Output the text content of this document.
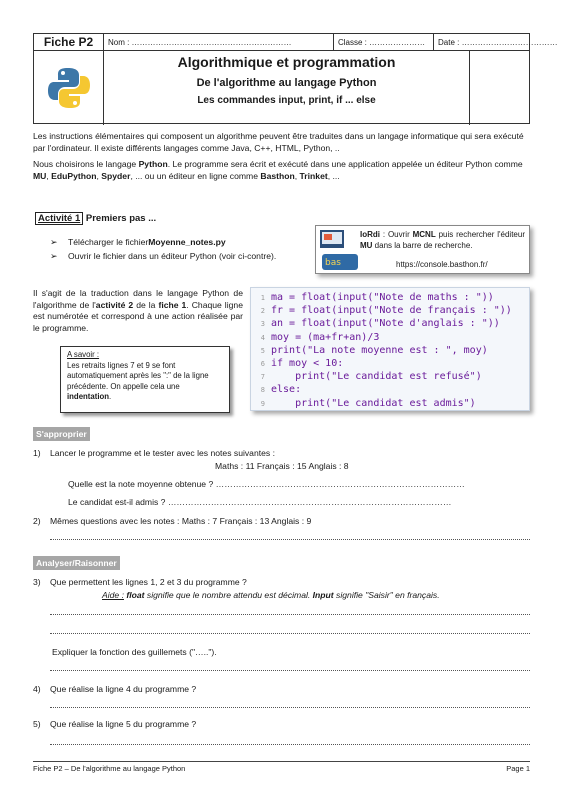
Fiche P2	Nom : ……………………………………………………	Classe : …………………	Date : ………………………………
Algorithmique et programmation
De l'algorithme au langage Python
Les commandes input, print, if ... else
Les instructions élémentaires qui composent un algorithme peuvent être traduites dans un langage informatique qui sera exécuté par l'ordinateur. Il existe différents langages comme Java, C++, HTML, Python, ..
Nous choisirons le langage Python. Le programme sera écrit et exécuté dans une application appelée un éditeur Python comme MU, EduPython, Spyder, ... ou un éditeur en ligne comme Basthon, Trinket, ...
Activité 1 Premiers pas ...
➢	Télécharger le fichier Moyenne_notes.py
➢	Ouvrir le fichier dans un éditeur Python (voir ci-contre).
bas
IoRdi : Ouvrir MCNL puis rechercher l'éditeur MU dans la barre de recherche.
https://console.basthon.fr/
Il s'agit de la traduction dans le langage Python de l'algorithme de l'activité 2 de la fiche 1. Chaque ligne est numérotée et correspond à une action réalisée par le programme.
A savoir :
Les retraits lignes 7 et 9 se font automatiquement après les ":" de la ligne précédente. On appelle cela une indentation.
1 ma = float(input("Note de maths : "))
2 fr = float(input("Note de français : "))
3 an = float(input("Note d'anglais : "))
4 moy = (ma+fr+an)/3
5 print("La note moyenne est : ", moy)
6 if moy < 10:
7 print("Le candidat est refusé")
8 else:
9 print("Le candidat est admis")
S'approprier
1) Lancer le programme et le tester avec les notes suivantes :
Maths : 11 Français : 15 Anglais : 8
Quelle est la note moyenne obtenue ? ……………………………………………………………………………
Le candidat est-il admis ? ………………………………………………………………………………………
2) Mêmes questions avec les notes : Maths : 7 Français : 13 Anglais : 9
Analyser/Raisonner
3) Que permettent les lignes 1, 2 et 3 du programme ?
Aide : float signifie que le nombre attendu est décimal. Input signifie "Saisir" en français.
Expliquer la fonction des guillemets ("…..").
4) Que réalise la ligne 4 du programme ?
5) Que réalise la ligne 5 du programme ?
Fiche P2 – De l'algorithme au langage Python	Page 1
